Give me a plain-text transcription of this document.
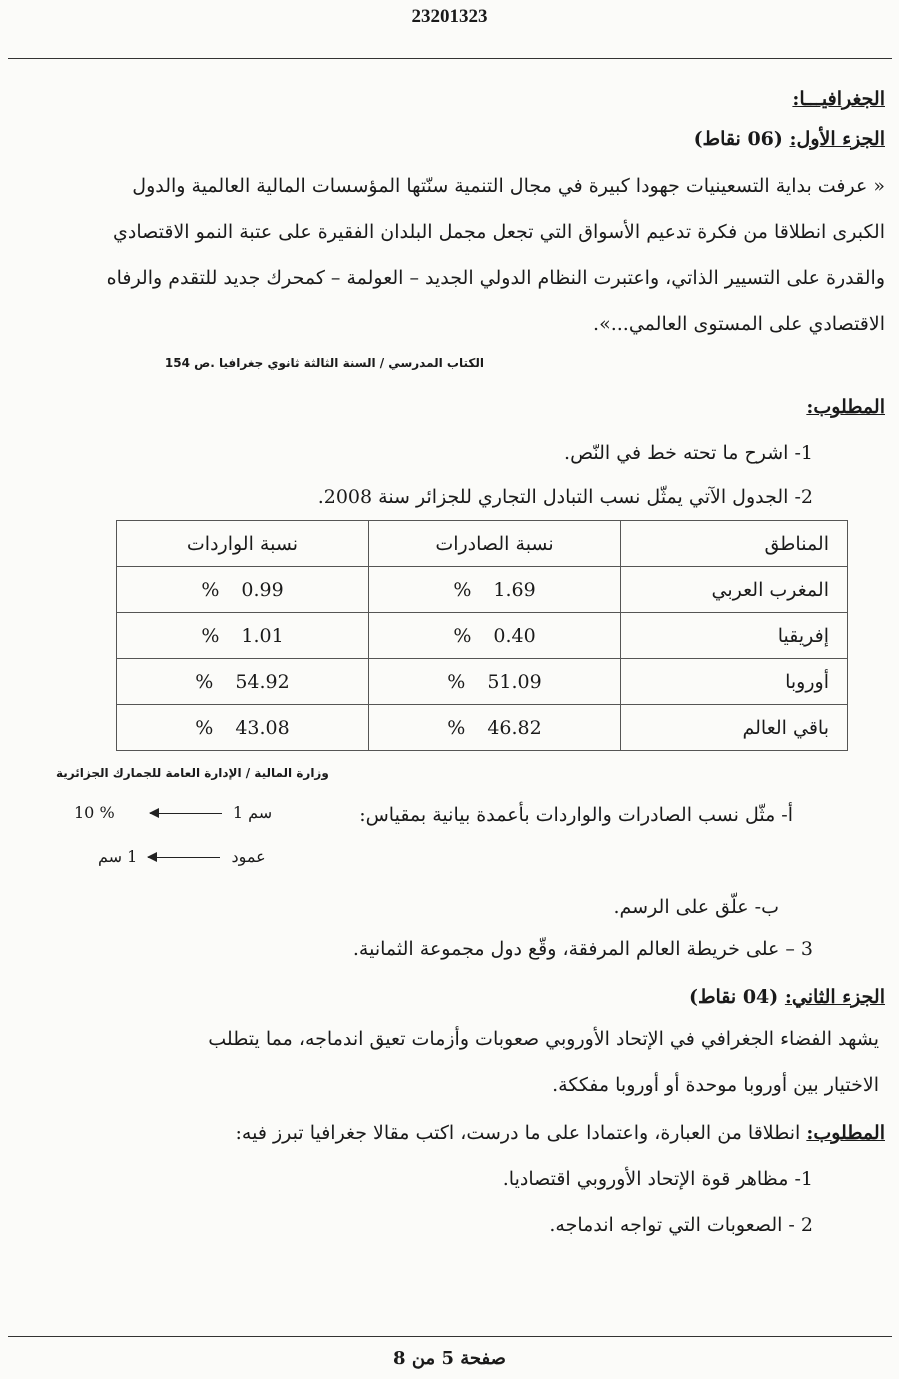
23201323
الجغرافيـــا:
الجزء الأول: (06 نقاط)
« عرفت بداية التسعينيات جهودا كبيرة في مجال التنمية سنّتها المؤسسات المالية العالمية والدول
الكبرى انطلاقا من فكرة تدعيم الأسواق التي تجعل مجمل البلدان الفقيرة على عتبة النمو الاقتصادي
والقدرة على التسيير الذاتي، واعتبرت النظام الدولي الجديد – العولمة – كمحرك جديد للتقدم والرفاه
الاقتصادي على المستوى العالمي...».
الكتاب المدرسي / السنة الثالثة ثانوي جغرافيا .ص 154
المطلوب:
1- اشرح ما تحته خط في النّص.
2- الجدول الآتي يمثّل نسب التبادل التجاري للجزائر سنة 2008.
المناطق	نسبة الصادرات	نسبة الواردات
المغرب العربي	% 1.69	% 0.99
إفريقيا	% 0.40	% 1.01
أوروبا	% 51.09	% 54.92
باقي العالم	% 46.82	% 43.08
وزارة المالية / الإدارة العامة للجمارك الجزائرية
أ- مثّل نسب الصادرات والواردات بأعمدة بيانية بمقياس:
10 %	1 سم
عمود  1 سم
ب- علّق على الرسم.
3 – على خريطة العالم المرفقة، وقّع دول مجموعة الثمانية.
الجزء الثاني: (04 نقاط)
يشهد الفضاء الجغرافي في الإتحاد الأوروبي صعوبات وأزمات تعيق اندماجه، مما يتطلب
الاختيار بين أوروبا موحدة أو أوروبا مفككة.
المطلوب: انطلاقا من العبارة، واعتمادا على ما درست، اكتب مقالا جغرافيا تبرز فيه:
1- مظاهر قوة الإتحاد الأوروبي اقتصاديا.
2 - الصعوبات التي تواجه اندماجه.
صفحة 5 من 8
